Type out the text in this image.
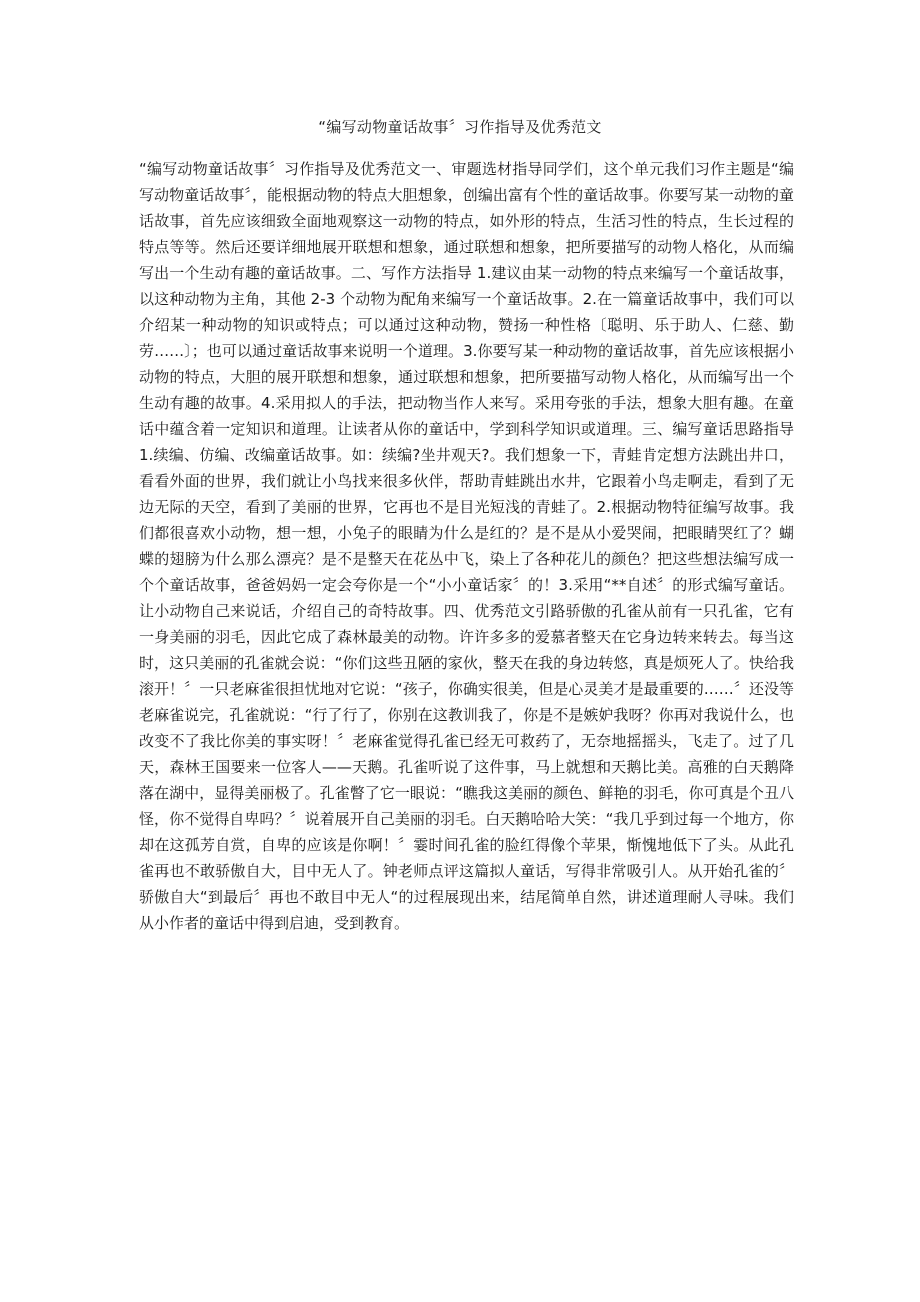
“编写动物童话故事〞习作指导及优秀范文

“编写动物童话故事〞习作指导及优秀范文一、审题选材指导同学们，这个单元我们习作主题是“编写动物童话故事〞，能根据动物的特点大胆想象，创编出富有个性的童话故事。你要写某一动物的童话故事，首先应该细致全面地观察这一动物的特点，如外形的特点，生活习性的特点，生长过程的特点等等。然后还要详细地展开联想和想象，通过联想和想象，把所要描写的动物人格化，从而编写出一个生动有趣的童话故事。二、写作方法指导 1.建议由某一动物的特点来编写一个童话故事，以这种动物为主角，其他 2-3 个动物为配角来编写一个童话故事。2.在一篇童话故事中，我们可以介绍某一种动物的知识或特点；可以通过这种动物，赞扬一种性格〔聪明、乐于助人、仁慈、勤劳……〕；也可以通过童话故事来说明一个道理。3.你要写某一种动物的童话故事，首先应该根据小动物的特点，大胆的展开联想和想象，通过联想和想象，把所要描写动物人格化，从而编写出一个生动有趣的故事。4.采用拟人的手法，把动物当作人来写。采用夸张的手法，想象大胆有趣。在童话中蕴含着一定知识和道理。让读者从你的童话中，学到科学知识或道理。三、编写童话思路指导 1.续编、仿编、改编童话故事。如：续编?坐井观天?。我们想象一下，青蛙肯定想方法跳出井口，看看外面的世界，我们就让小鸟找来很多伙伴，帮助青蛙跳出水井，它跟着小鸟走啊走，看到了无边无际的天空，看到了美丽的世界，它再也不是目光短浅的青蛙了。2.根据动物特征编写故事。我们都很喜欢小动物，想一想，小兔子的眼睛为什么是红的？是不是从小爱哭闹，把眼睛哭红了？蝴蝶的翅膀为什么那么漂亮？是不是整天在花丛中飞，染上了各种花儿的颜色？把这些想法编写成一个个童话故事，爸爸妈妈一定会夸你是一个“小小童话家〞的！3.采用“**自述〞的形式编写童话。让小动物自己来说话，介绍自己的奇特故事。四、优秀范文引路骄傲的孔雀从前有一只孔雀，它有一身美丽的羽毛，因此它成了森林最美的动物。许许多多的爱慕者整天在它身边转来转去。每当这时，这只美丽的孔雀就会说：“你们这些丑陋的家伙，整天在我的身边转悠，真是烦死人了。快给我滚开！〞一只老麻雀很担忧地对它说：“孩子，你确实很美，但是心灵美才是最重要的……〞还没等老麻雀说完，孔雀就说：“行了行了，你别在这教训我了，你是不是嫉妒我呀？你再对我说什么，也改变不了我比你美的事实呀！〞老麻雀觉得孔雀已经无可救药了，无奈地摇摇头，飞走了。过了几天，森林王国要来一位客人——天鹅。孔雀听说了这件事，马上就想和天鹅比美。高雅的白天鹅降落在湖中，显得美丽极了。孔雀瞥了它一眼说：“瞧我这美丽的颜色、鲜艳的羽毛，你可真是个丑八怪，你不觉得自卑吗？〞说着展开自己美丽的羽毛。白天鹅哈哈大笑：“我几乎到过每一个地方，你却在这孤芳自赏，自卑的应该是你啊！〞霎时间孔雀的脸红得像个苹果，惭愧地低下了头。从此孔雀再也不敢骄傲自大，目中无人了。钟老师点评这篇拟人童话，写得非常吸引人。从开始孔雀的〞骄傲自大“到最后〞再也不敢目中无人“的过程展现出来，结尾简单自然，讲述道理耐人寻味。我们从小作者的童话中得到启迪，受到教育。
